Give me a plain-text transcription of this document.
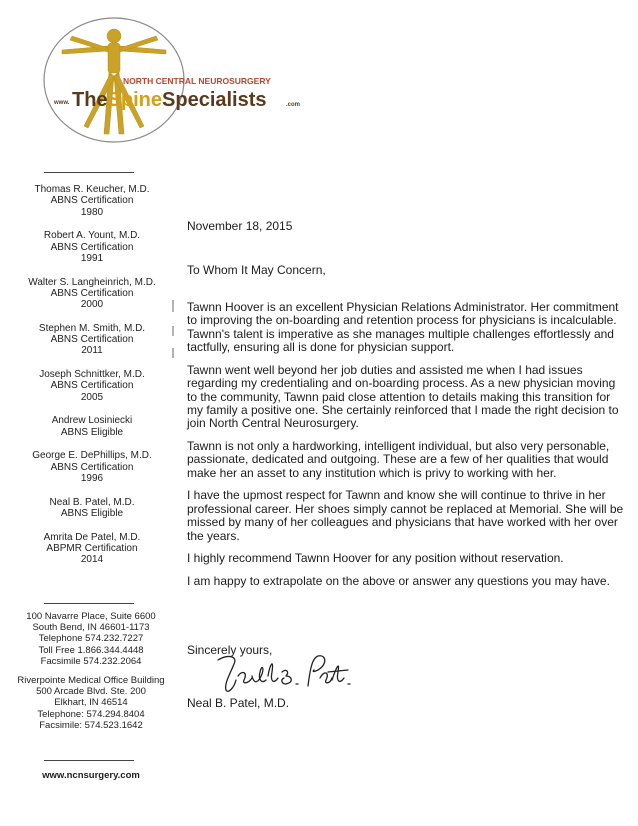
NORTH CENTRAL NEUROSURGERY
www. TheSpineSpecialists	.com
Thomas R. Keucher, M.D.
ABNS Certification
1980
Robert A. Yount, M.D.
ABNS Certification
1991
Walter S. Langheinrich, M.D.
ABNS Certification
2000
Stephen M. Smith, M.D.
ABNS Certification
2011
Joseph Schnittker, M.D.
ABNS Certification
2005
Andrew Losiniecki
ABNS Eligible
George E. DePhillips, M.D.
ABNS Certification
1996
Neal B. Patel, M.D.
ABNS Eligible
Amrita De Patel, M.D.
ABPMR Certification
2014
100 Navarre Place, Suite 6600
South Bend, IN 46601-1173
Telephone 574.232.7227
Toll Free 1.866.344.4448
Facsimile 574.232.2064
Riverpointe Medical Office Building
500 Arcade Blvd. Ste. 200
Elkhart, IN 46514
Telephone: 574.294.8404
Facsimile: 574.523.1642
www.ncnsurgery.com

November 18, 2015

To Whom It May Concern,

Tawnn Hoover is an excellent Physician Relations Administrator. Her commitment to improving the on-boarding and retention process for physicians is incalculable. Tawnn's talent is imperative as she manages multiple challenges effortlessly and tactfully, ensuring all is done for physician support.

Tawnn went well beyond her job duties and assisted me when I had issues regarding my credentialing and on-boarding process. As a new physician moving to the community, Tawnn paid close attention to details making this transition for my family a positive one. She certainly reinforced that I made the right decision to join North Central Neurosurgery.

Tawnn is not only a hardworking, intelligent individual, but also very personable, passionate, dedicated and outgoing. These are a few of her qualities that would make her an asset to any institution which is privy to working with her.

I have the upmost respect for Tawnn and know she will continue to thrive in her professional career. Her shoes simply cannot be replaced at Memorial. She will be missed by many of her colleagues and physicians that have worked with her over the years.

I highly recommend Tawnn Hoover for any position without reservation.

I am happy to extrapolate on the above or answer any questions you may have.

Sincerely yours,
Neal B. Patel, M.D.
